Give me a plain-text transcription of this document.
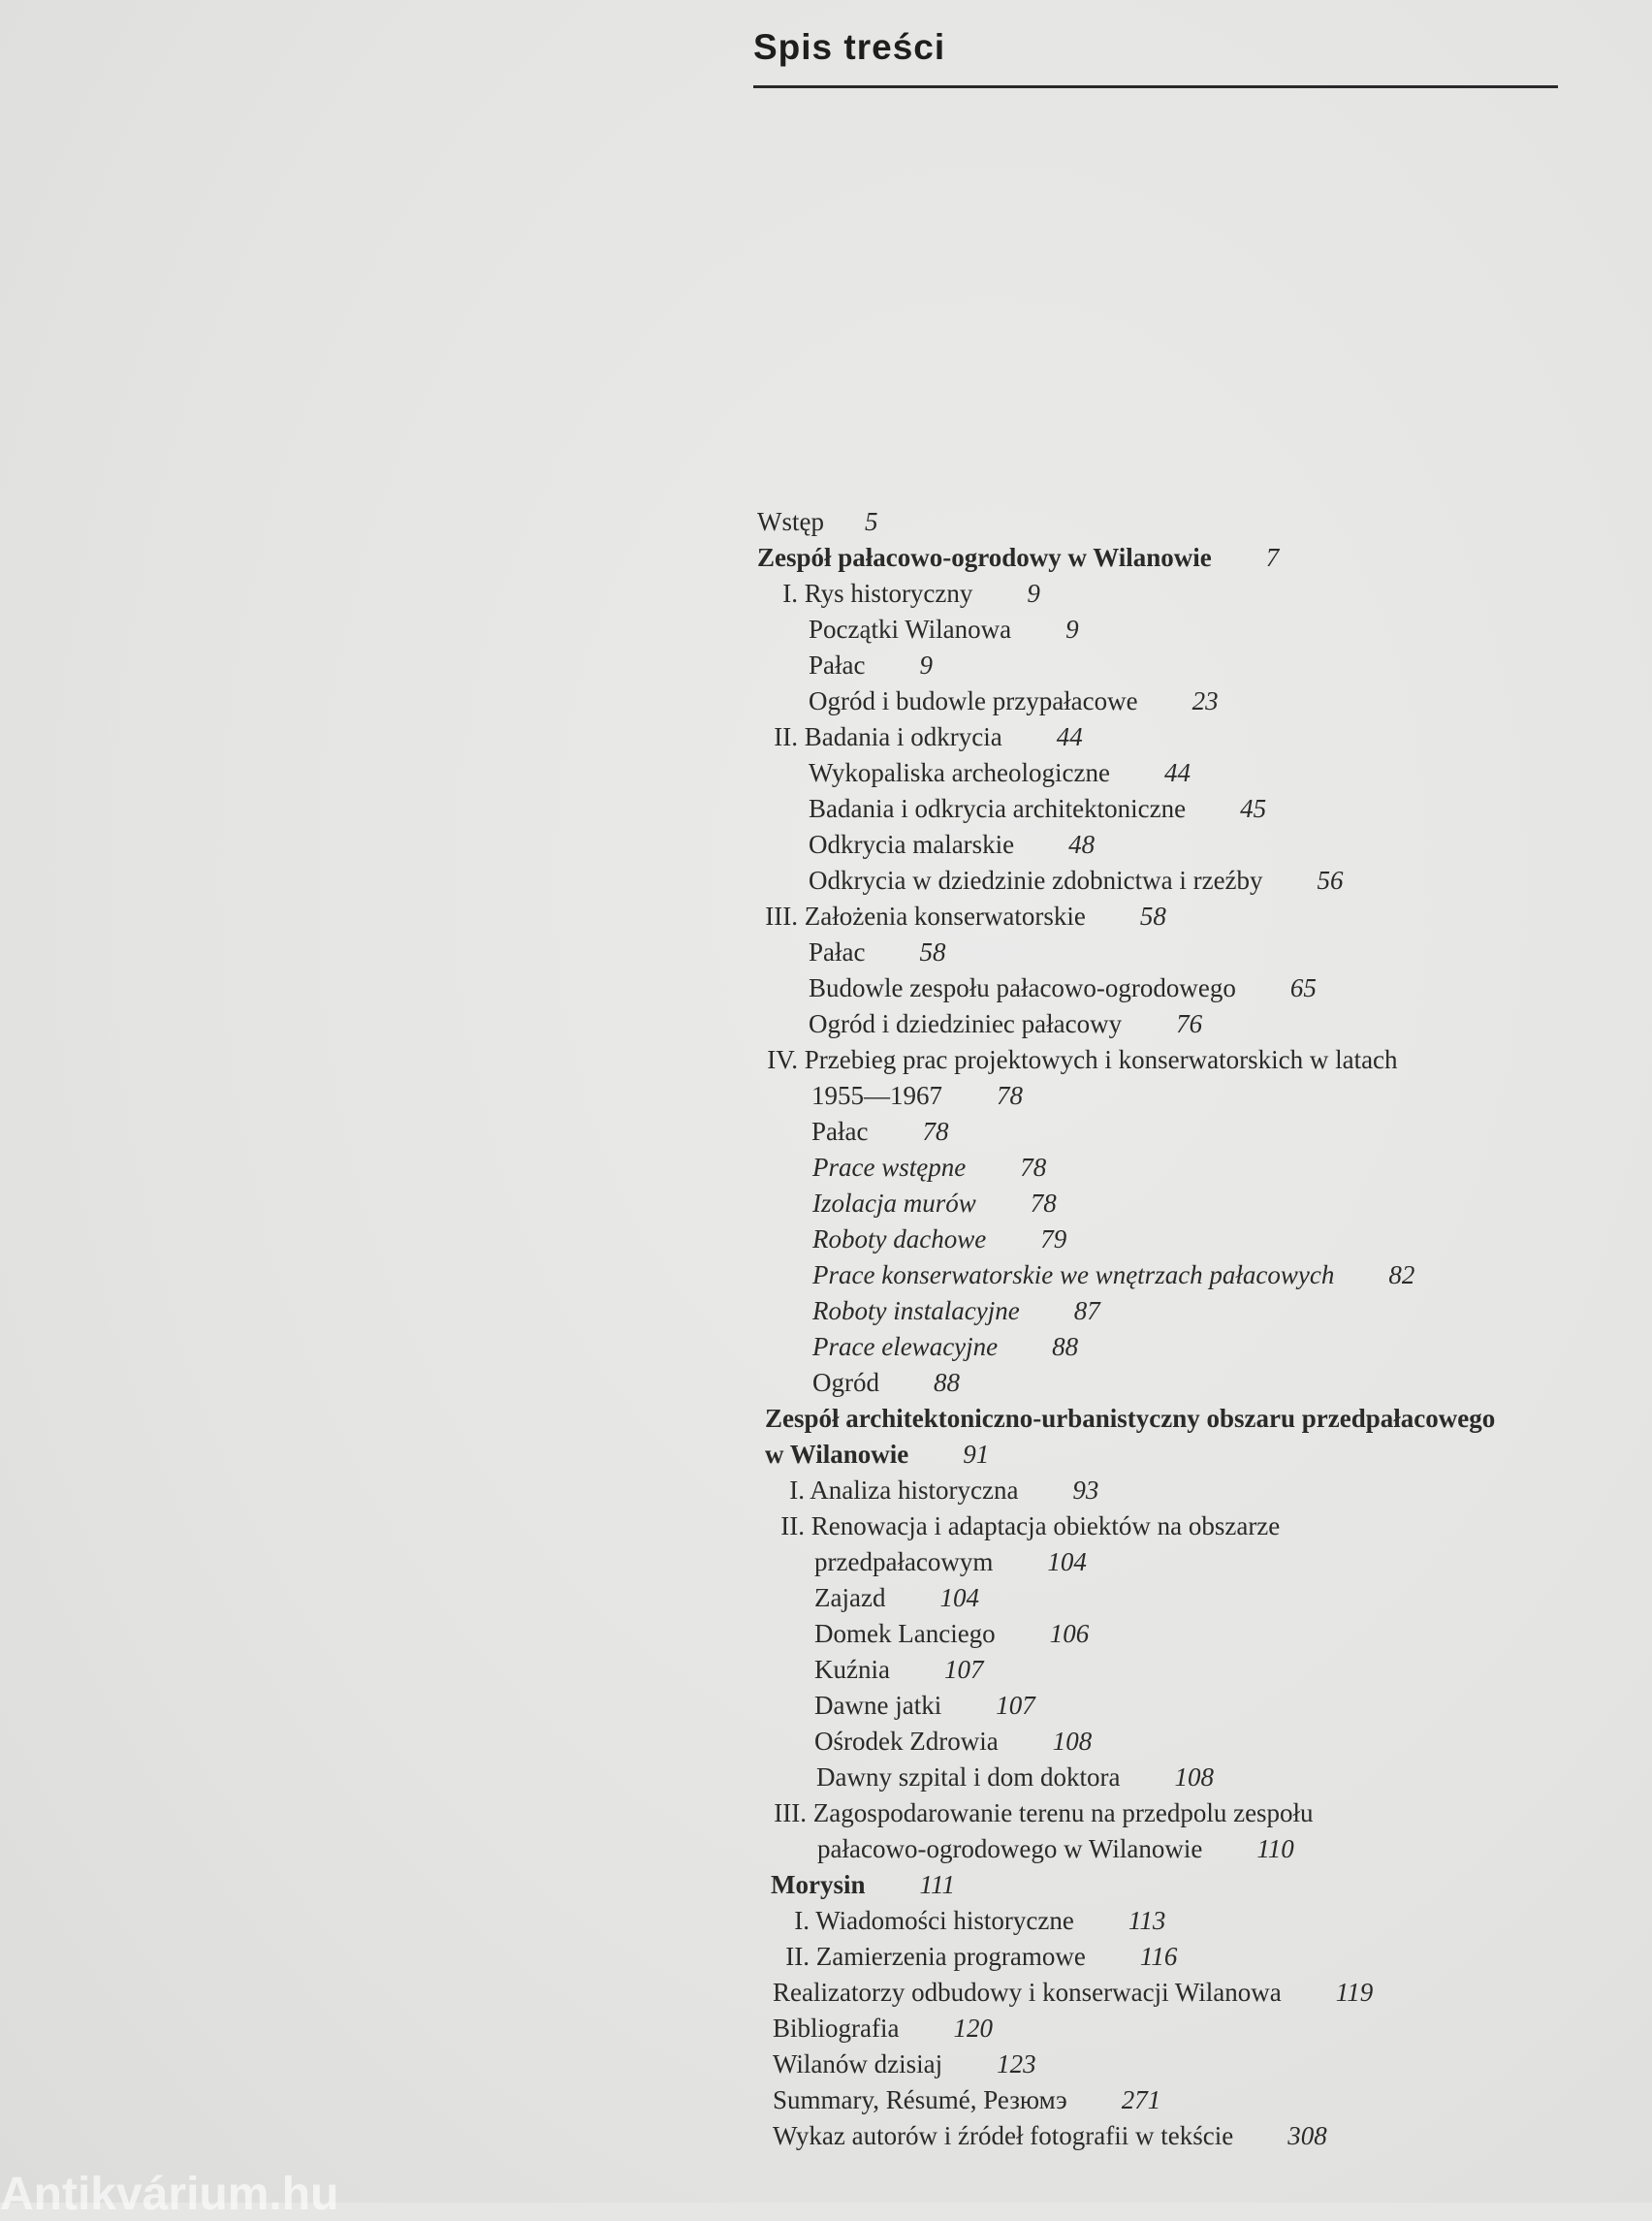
Spis treści
Wstęp 5
Zespół pałacowo-ogrodowy w Wilanowie 7
I. Rys historyczny 9
Początki Wilanowa 9
Pałac 9
Ogród i budowle przypałacowe 23
II. Badania i odkrycia 44
Wykopaliska archeologiczne 44
Badania i odkrycia architektoniczne 45
Odkrycia malarskie 48
Odkrycia w dziedzinie zdobnictwa i rzeźby 56
III. Założenia konserwatorskie 58
Pałac 58
Budowle zespołu pałacowo-ogrodowego 65
Ogród i dziedziniec pałacowy 76
IV. Przebieg prac projektowych i konserwatorskich w latach
1955—1967 78
Pałac 78
Prace wstępne 78
Izolacja murów 78
Roboty dachowe 79
Prace konserwatorskie we wnętrzach pałacowych 82
Roboty instalacyjne 87
Prace elewacyjne 88
Ogród 88
Zespół architektoniczno-urbanistyczny obszaru przedpałacowego
w Wilanowie 91
I. Analiza historyczna 93
II. Renowacja i adaptacja obiektów na obszarze
przedpałacowym 104
Zajazd 104
Domek Lanciego 106
Kuźnia 107
Dawne jatki 107
Ośrodek Zdrowia 108
Dawny szpital i dom doktora 108
III. Zagospodarowanie terenu na przedpolu zespołu
pałacowo-ogrodowego w Wilanowie 110
Morysin 111
I. Wiadomości historyczne 113
II. Zamierzenia programowe 116
Realizatorzy odbudowy i konserwacji Wilanowa 119
Bibliografia 120
Wilanów dzisiaj 123
Summary, Résumé, Резюмэ 271
Wykaz autorów i źródeł fotografii w tekście 308
Antikvárium.hu
